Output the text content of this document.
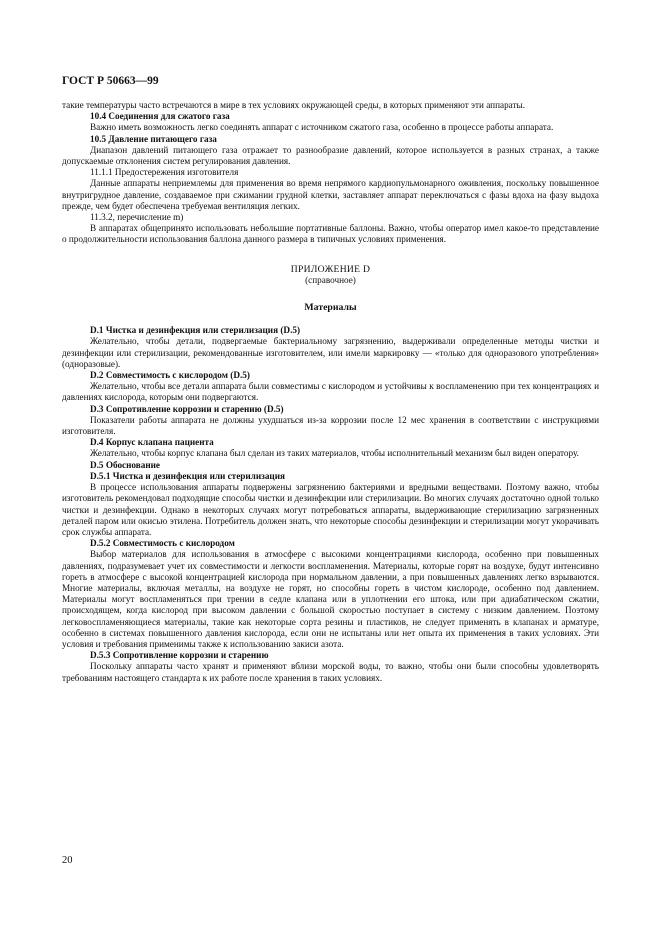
ГОСТ Р 50663—99

такие температуры часто встречаются в мире в тех условиях окружающей среды, в которых применяют эти аппараты.

10.4 Соединения для сжатого газа

Важно иметь возможность легко соединять аппарат с источником сжатого газа, особенно в процессе работы аппарата.

10.5 Давление питающего газа

Диапазон давлений питающего газа отражает то разнообразие давлений, которое используется в разных странах, а также допускаемые отклонения систем регулирования давления.

11.1.1 Предостережения изготовителя

Данные аппараты неприемлемы для применения во время непрямого кардиопульмонарного оживления, поскольку повышенное внутригрудное давление, создаваемое при сжимании грудной клетки, заставляет аппарат переключаться с фазы вдоха на фазу выдоха прежде, чем будет обеспечена требуемая вентиляция легких.

11.3.2, перечисление m)

В аппаратах общепринято использовать небольшие портативные баллоны. Важно, чтобы оператор имел какое-то представление о продолжительности использования баллона данного размера в типичных условиях применения.

ПРИЛОЖЕНИЕ D

(справочное)

Материалы

D.1 Чистка и дезинфекция или стерилизация (D.5)

Желательно, чтобы детали, подвергаемые бактериальному загрязнению, выдерживали определенные методы чистки и дезинфекции или стерилизации, рекомендованные изготовителем, или имели маркировку — «только для одноразового употребления» (одноразовые).

D.2 Совместимость с кислородом (D.5)

Желательно, чтобы все детали аппарата были совместимы с кислородом и устойчивы к воспламенению при тех концентрациях и давлениях кислорода, которым они подвергаются.

D.3 Сопротивление коррозии и старению (D.5)

Показатели работы аппарата не должны ухудшаться из-за коррозии после 12 мес хранения в соответствии с инструкциями изготовителя.

D.4 Корпус клапана пациента

Желательно, чтобы корпус клапана был сделан из таких материалов, чтобы исполнительный механизм был виден оператору.

D.5 Обоснование

D.5.1 Чистка и дезинфекция или стерилизация

В процессе использования аппараты подвержены загрязнению бактериями и вредными веществами. Поэтому важно, чтобы изготовитель рекомендовал подходящие способы чистки и дезинфекции или стерилизации. Во многих случаях достаточно одной только чистки и дезинфекции. Однако в некоторых случаях могут потребоваться аппараты, выдерживающие стерилизацию загрязненных деталей паром или окисью этилена. Потребитель должен знать, что некоторые способы дезинфекции и стерилизации могут укорачивать срок службы аппарата.

D.5.2 Совместимость с кислородом

Выбор материалов для использования в атмосфере с высокими концентрациями кислорода, особенно при повышенных давлениях, подразумевает учет их совместимости и легкости воспламенения. Материалы, которые горят на воздухе, будут интенсивно гореть в атмосфере с высокой концентрацией кислорода при нормальном давлении, а при повышенных давлениях легко взрываются. Многие материалы, включая металлы, на воздухе не горят, но способны гореть в чистом кислороде, особенно под давлением. Материалы могут воспламеняться при трении в седле клапана или в уплотнении его штока, или при адиабатическом сжатии, происходящем, когда кислород при высоком давлении с большой скоростью поступает в систему с низким давлением. Поэтому легковоспламеняющиеся материалы, такие как некоторые сорта резины и пластиков, не следует применять в клапанах и арматуре, особенно в системах повышенного давления кислорода, если они не испытаны или нет опыта их применения в таких условиях. Эти условия и требования применимы также к использованию закиси азота.

D.5.3 Сопротивление коррозии и старению

Поскольку аппараты часто хранят и применяют вблизи морской воды, то важно, чтобы они были способны удовлетворять требованиям настоящего стандарта к их работе после хранения в таких условиях.

20
